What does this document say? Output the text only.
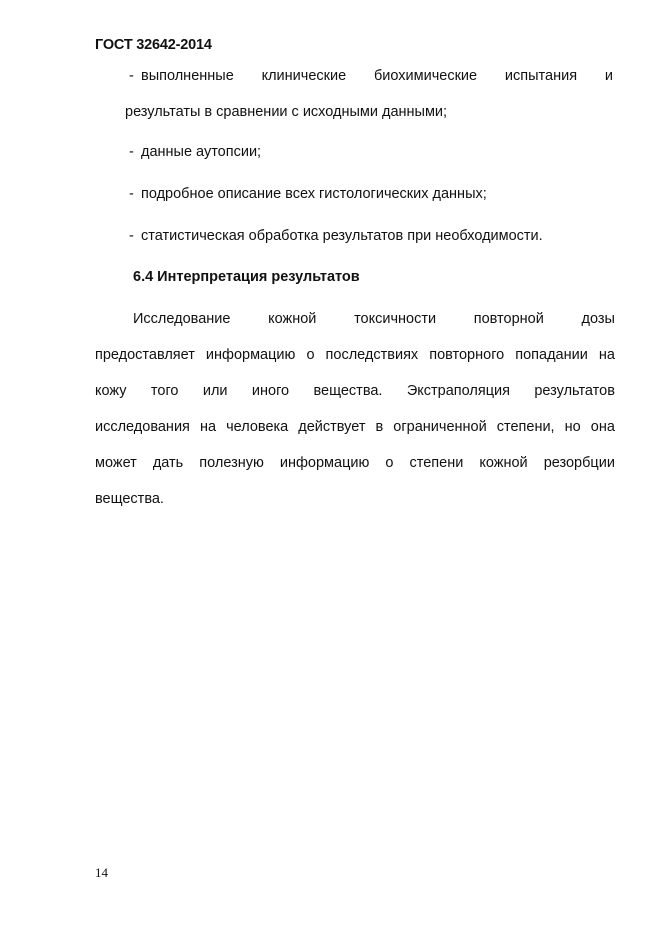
ГОСТ 32642-2014
- выполненные клинические биохимические испытания и
результаты в сравнении с исходными данными;
- данные аутопсии;
- подробное описание всех гистологических данных;
- статистическая обработка результатов при необходимости.
6.4 Интерпретация результатов
Исследование	кожной	токсичности	повторной	дозы
предоставляет информацию о последствиях повторного попадании на
кожу того или иного вещества. Экстраполяция результатов
исследования на человека действует в ограниченной степени, но она
может дать полезную информацию о степени кожной резорбции
вещества.
14
